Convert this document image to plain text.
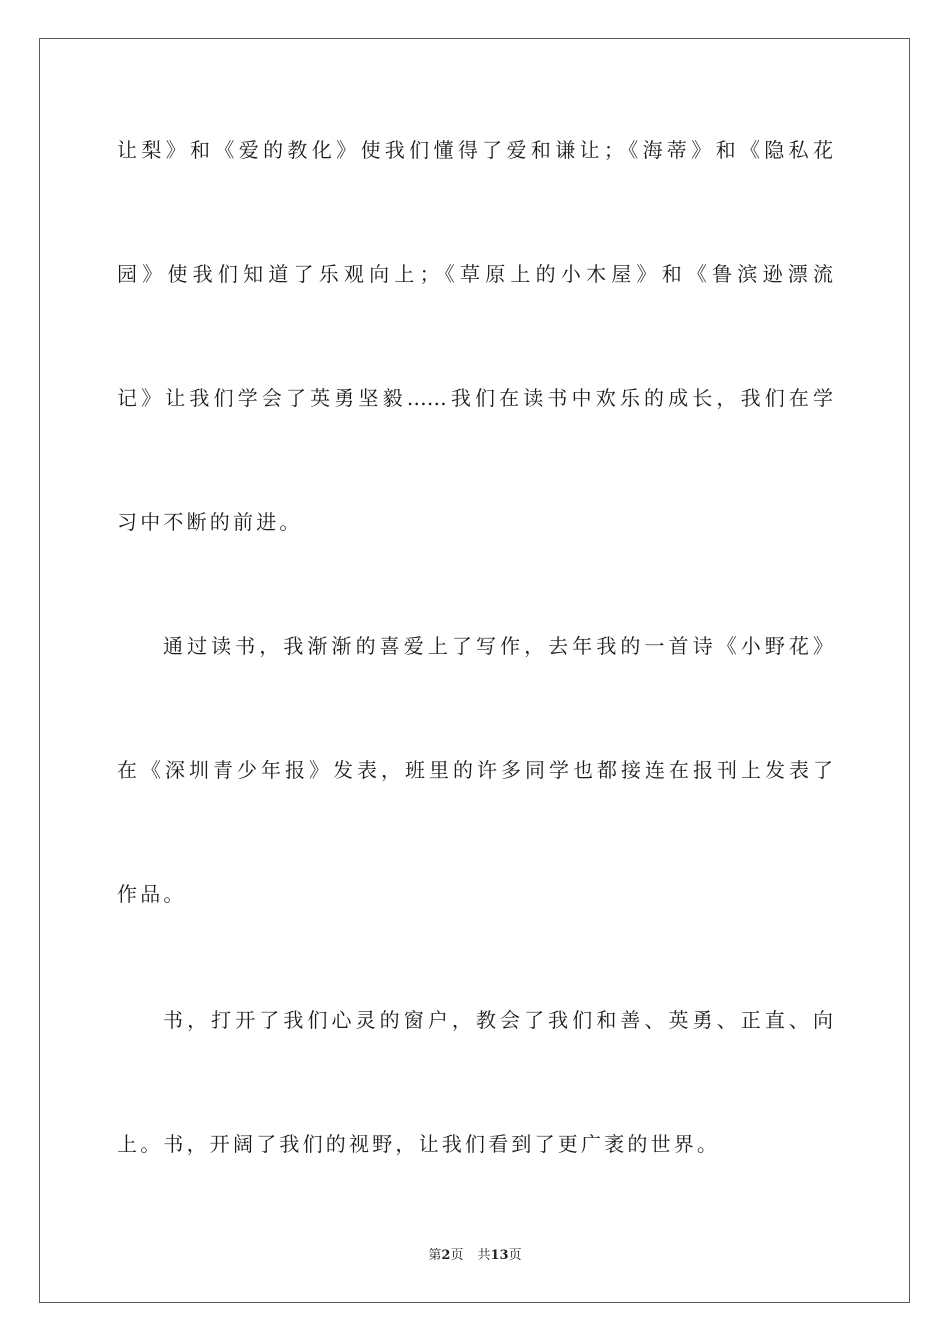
让梨》和《爱的教化》使我们懂得了爱和谦让；《海蒂》和《隐私花
园》使我们知道了乐观向上；《草原上的小木屋》和《鲁滨逊漂流
记》让我们学会了英勇坚毅……我们在读书中欢乐的成长，我们在学
习中不断的前进。
通过读书，我渐渐的喜爱上了写作，去年我的一首诗《小野花》
在《深圳青少年报》发表，班里的许多同学也都接连在报刊上发表了
作品。
书，打开了我们心灵的窗户，教会了我们和善、英勇、正直、向
上。书，开阔了我们的视野，让我们看到了更广袤的世界。
第2页 共13页
